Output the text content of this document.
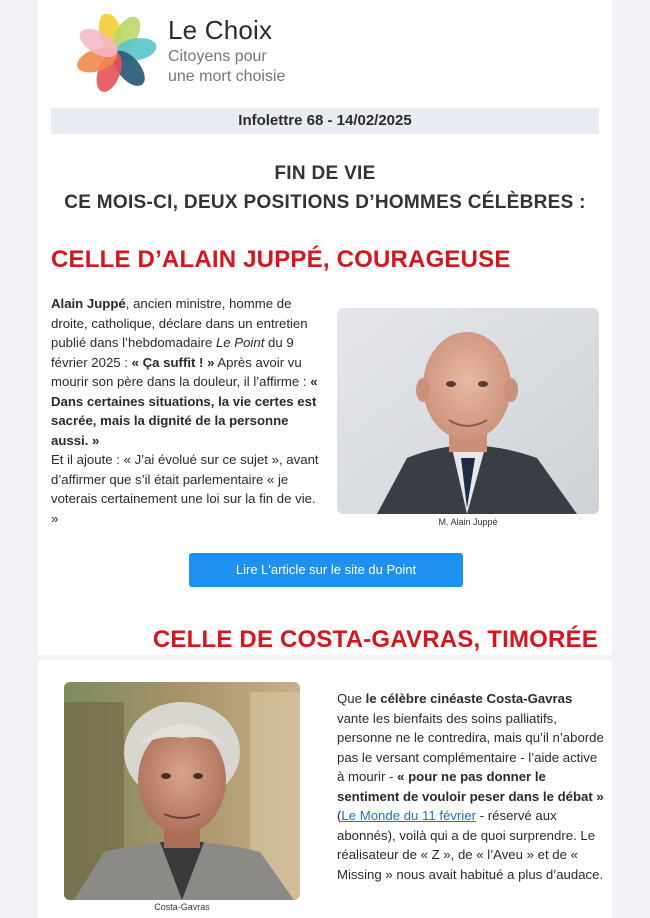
Le Choix
Citoyens pour
une mort choisie
Infolettre 68 - 14/02/2025
FIN DE VIE
CE MOIS-CI, DEUX POSITIONS D’HOMMES CÉLÈBRES :
CELLE D’ALAIN JUPPÉ, COURAGEUSE
Alain Juppé, ancien ministre, homme de droite, catholique, déclare dans un entretien publié dans l’hebdomadaire Le Point du 9 février 2025 : « Ça suffit ! » Après avoir vu mourir son père dans la douleur, il l’affirme : « Dans certaines situations, la vie certes est sacrée, mais la dignité de la personne aussi. »
Et il ajoute : « J’ai évolué sur ce sujet », avant d’affirmer que s’il était parlementaire « je voterais certainement une loi sur la fin de vie. »	M. Alain Juppé
Lire L'article sur le site du Point
CELLE DE COSTA-GAVRAS, TIMORÉE
Costa-Gavras
Que le célèbre cinéaste Costa-Gavras vante les bienfaits des soins palliatifs, personne ne le contredira, mais qu’il n’aborde pas le versant complémentaire - l’aide active à mourir - « pour ne pas donner le sentiment de vouloir peser dans le débat » (Le Monde du 11 février - réservé aux abonnés), voilà qui a de quoi surprendre. Le réalisateur de « Z », de « l’Aveu » et de « Missing » nous avait habitué a plus d’audace.
